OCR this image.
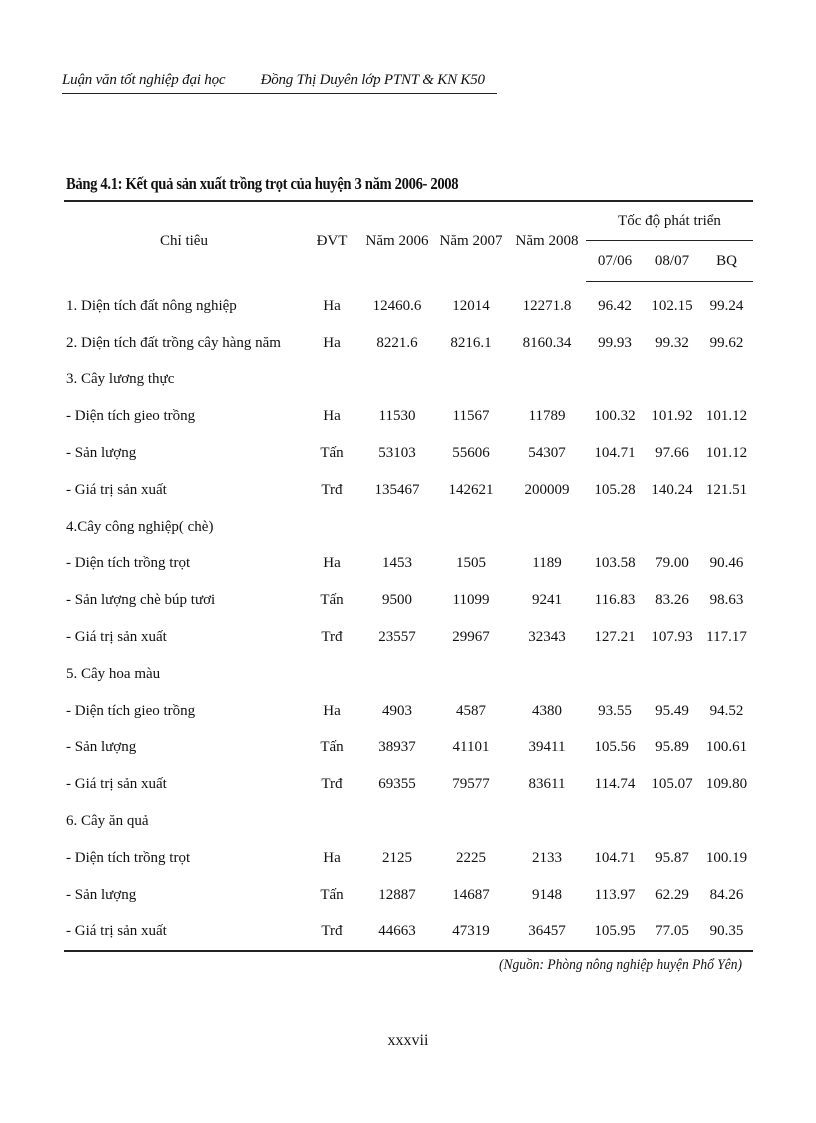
Luận văn tốt nghiệp đại học Đồng Thị Duyên lớp PTNT & KN K50
Bảng 4.1: Kết quả sản xuất trồng trọt của huyện 3 năm 2006- 2008
Chỉ tiêu	ĐVT	Năm 2006	Năm 2007	Năm 2008	Tốc độ phát triển		
					07/06	08/07	BQ
1. Diện tích đất nông nghiệp	Ha	12460.6	12014	12271.8	96.42	102.15	99.24
2. Diện tích đất trồng cây hàng năm	Ha	8221.6	8216.1	8160.34	99.93	99.32	99.62
3. Cây lương thực							
- Diện tích gieo trồng	Ha	11530	11567	11789	100.32	101.92	101.12
- Sản lượng	Tấn	53103	55606	54307	104.71	97.66	101.12
- Giá trị sản xuất	Trđ	135467	142621	200009	105.28	140.24	121.51
4.Cây công nghiệp( chè)							
- Diện tích trồng trọt	Ha	1453	1505	1189	103.58	79.00	90.46
- Sản lượng chè búp tươi	Tấn	9500	11099	9241	116.83	83.26	98.63
- Giá trị sản xuất	Trđ	23557	29967	32343	127.21	107.93	117.17
5. Cây hoa màu							
- Diện tích gieo trồng	Ha	4903	4587	4380	93.55	95.49	94.52
- Sản lượng	Tấn	38937	41101	39411	105.56	95.89	100.61
- Giá trị sản xuất	Trđ	69355	79577	83611	114.74	105.07	109.80
6. Cây ăn quả							
- Diện tích trồng trọt	Ha	2125	2225	2133	104.71	95.87	100.19
- Sản lượng	Tấn	12887	14687	9148	113.97	62.29	84.26
- Giá trị sản xuất	Trđ	44663	47319	36457	105.95	77.05	90.35
(Nguồn: Phòng nông nghiệp huyện Phổ Yên)
xxxvii
